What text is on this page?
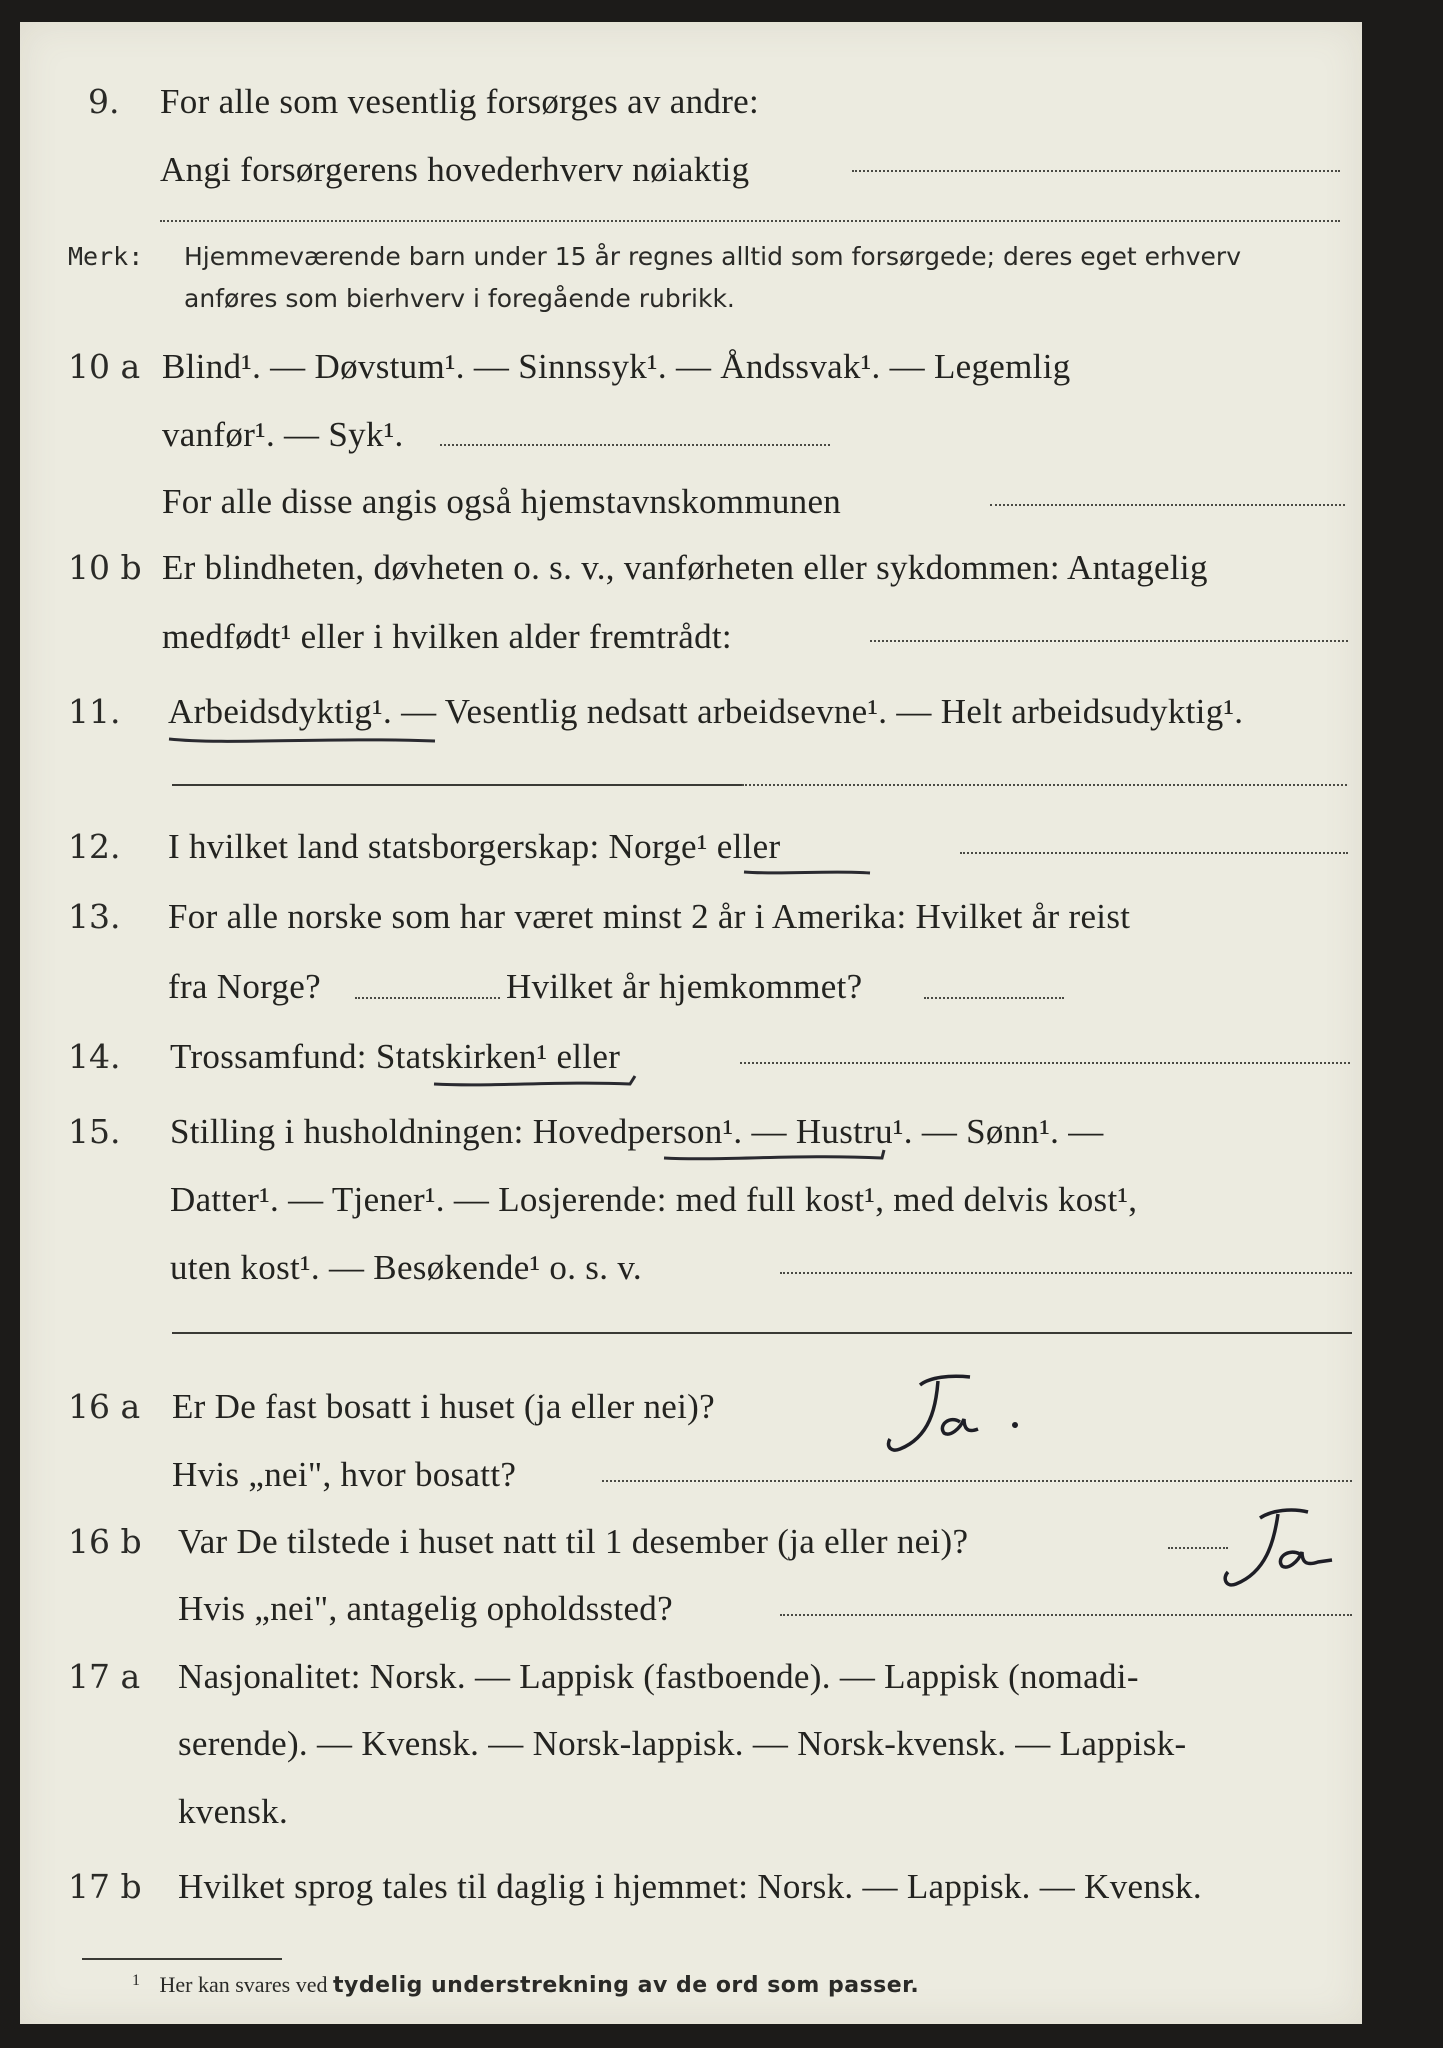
9. For alle som vesentlig forsørges av andre:
Angi forsørgerens hovederhverv nøiaktig
Merk: Hjemmeværende barn under 15 år regnes alltid som forsørgede; deres eget erhverv
anføres som bierhverv i foregående rubrikk.
10 a Blind¹. — Døvstum¹. — Sinnssyk¹. — Åndssvak¹. — Legemlig
vanfør¹. — Syk¹.
For alle disse angis også hjemstavnskommunen
10 b Er blindheten, døvheten o. s. v., vanførheten eller sykdommen: Antagelig
medfødt¹ eller i hvilken alder fremtrådt:
11. Arbeidsdyktig¹. — Vesentlig nedsatt arbeidsevne¹. — Helt arbeidsudyktig¹.
12. I hvilket land statsborgerskap: Norge¹ eller
13. For alle norske som har været minst 2 år i Amerika: Hvilket år reist
fra Norge?	Hvilket år hjemkommet?
14. Trossamfund: Statskirken¹ eller
15. Stilling i husholdningen: Hovedperson¹. — Hustru¹. — Sønn¹. —
Datter¹. — Tjener¹. — Losjerende: med full kost¹, med delvis kost¹,
uten kost¹. — Besøkende¹ o. s. v.
16 a Er De fast bosatt i huset (ja eller nei)?
Hvis „nei", hvor bosatt?
16 b Var De tilstede i huset natt til 1 desember (ja eller nei)?
Hvis „nei", antagelig opholdssted?
17 a Nasjonalitet: Norsk. — Lappisk (fastboende). — Lappisk (nomadi-
serende). — Kvensk. — Norsk-lappisk. — Norsk-kvensk. — Lappisk-
kvensk.
17 b Hvilket sprog tales til daglig i hjemmet: Norsk. — Lappisk. — Kvensk.
$^1$ Her kan svares ved tydelig understrekning av de ord som passer.
